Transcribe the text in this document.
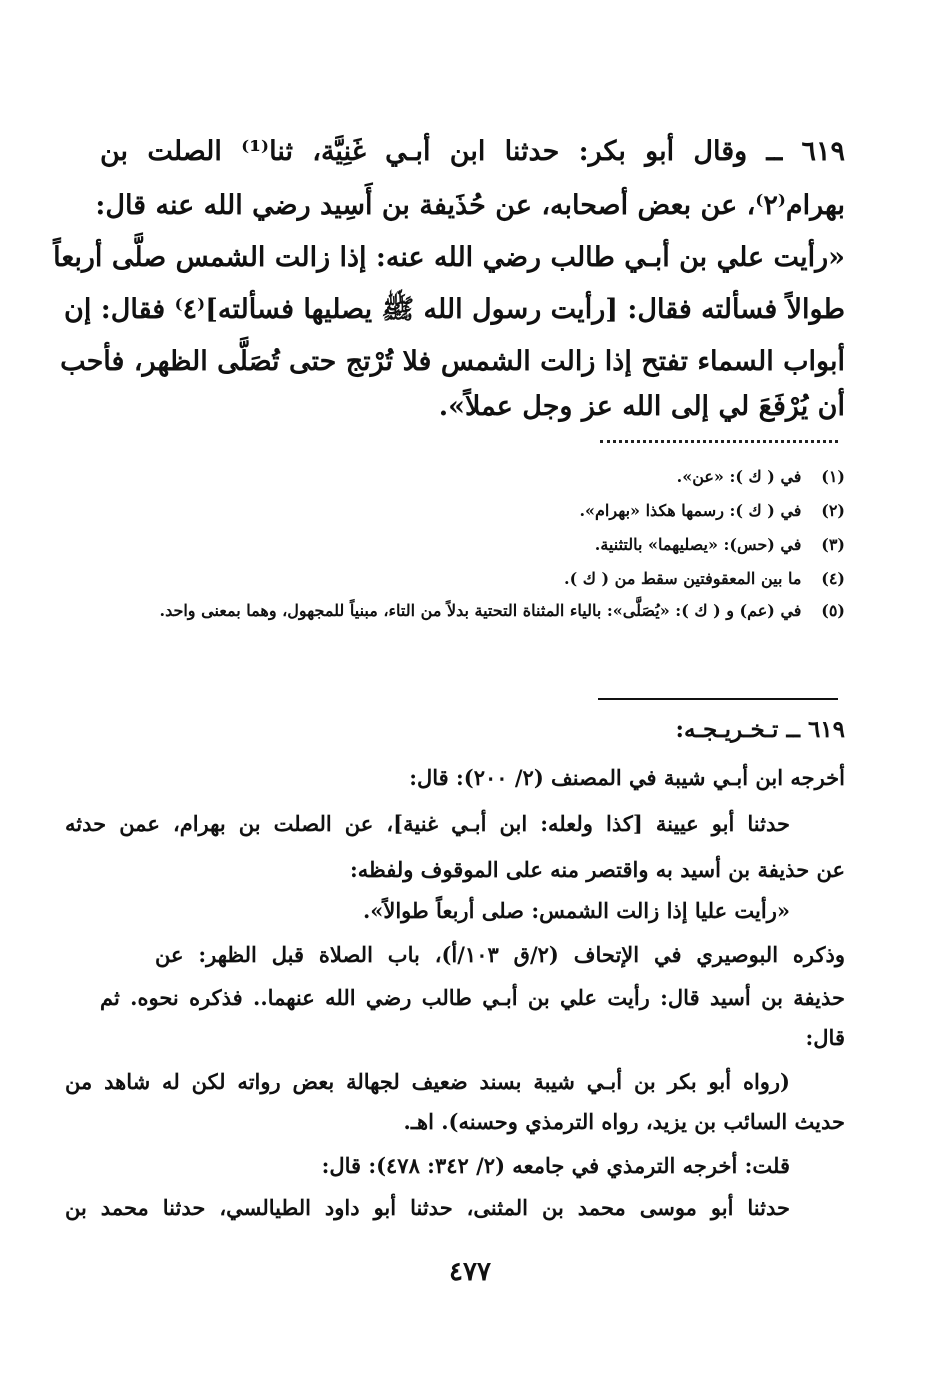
٦١٩ ــ وقال أبو بكر: حدثنا ابن أبـي غَنِيَّة، ثنا⁽¹⁾ الصلت بن
بهرام⁽٢⁾، عن بعض أصحابه، عن حُذَيفة بن أَسِيد رضي الله عنه قال:
«رأيت علي بن أبـي طالب رضي الله عنه: إذا زالت الشمس صلَّى أربعاً
طوالاً فسألته فقال: [رأيت رسول الله ﷺ يصليها فسألته]⁽٤⁾ فقال: إن
أبواب السماء تفتح إذا زالت الشمس فلا تُرْتج حتى تُصَلَّى الظهر، فأحب
أن يُرْفَعَ لي إلى الله عز وجل عملاً».
(١) في ( ك ): «عن».
(٢) في ( ك ): رسمها هكذا «بهرام».
(٣) في (حس): «يصليهما» بالتثنية.
(٤) ما بين المعقوفتين سقط من ( ك ).
(٥) في (عم) و ( ك ): «يُصَلَّى»: بالياء المثناة التحتية بدلاً من التاء، مبنياً للمجهول، وهما بمعنى واحد.
٦١٩ ــ تـخـريـجـه:
أخرجه ابن أبـي شيبة في المصنف (٢/ ٢٠٠): قال:
حدثنا أبو عيينة [كذا ولعله: ابن أبـي غنية]، عن الصلت بن بهرام، عمن حدثه
عن حذيفة بن أسيد به واقتصر منه على الموقوف ولفظه:
«رأيت عليا إذا زالت الشمس: صلى أربعاً طوالاً».
وذكره البوصيري في الإتحاف (٢/ق ١٠٣/أ)، باب الصلاة قبل الظهر: عن
حذيفة بن أسيد قال: رأيت علي بن أبـي طالب رضي الله عنهما.. فذكره نحوه. ثم
قال:
(رواه أبو بكر بن أبـي شيبة بسند ضعيف لجهالة بعض رواته لكن له شاهد من
حديث السائب بن يزيد، رواه الترمذي وحسنه). اهـ.
قلت: أخرجه الترمذي في جامعه (٢/ ٣٤٢: ٤٧٨): قال:
حدثنا أبو موسى محمد بن المثنى، حدثنا أبو داود الطيالسي، حدثنا محمد بن
٤٧٧
